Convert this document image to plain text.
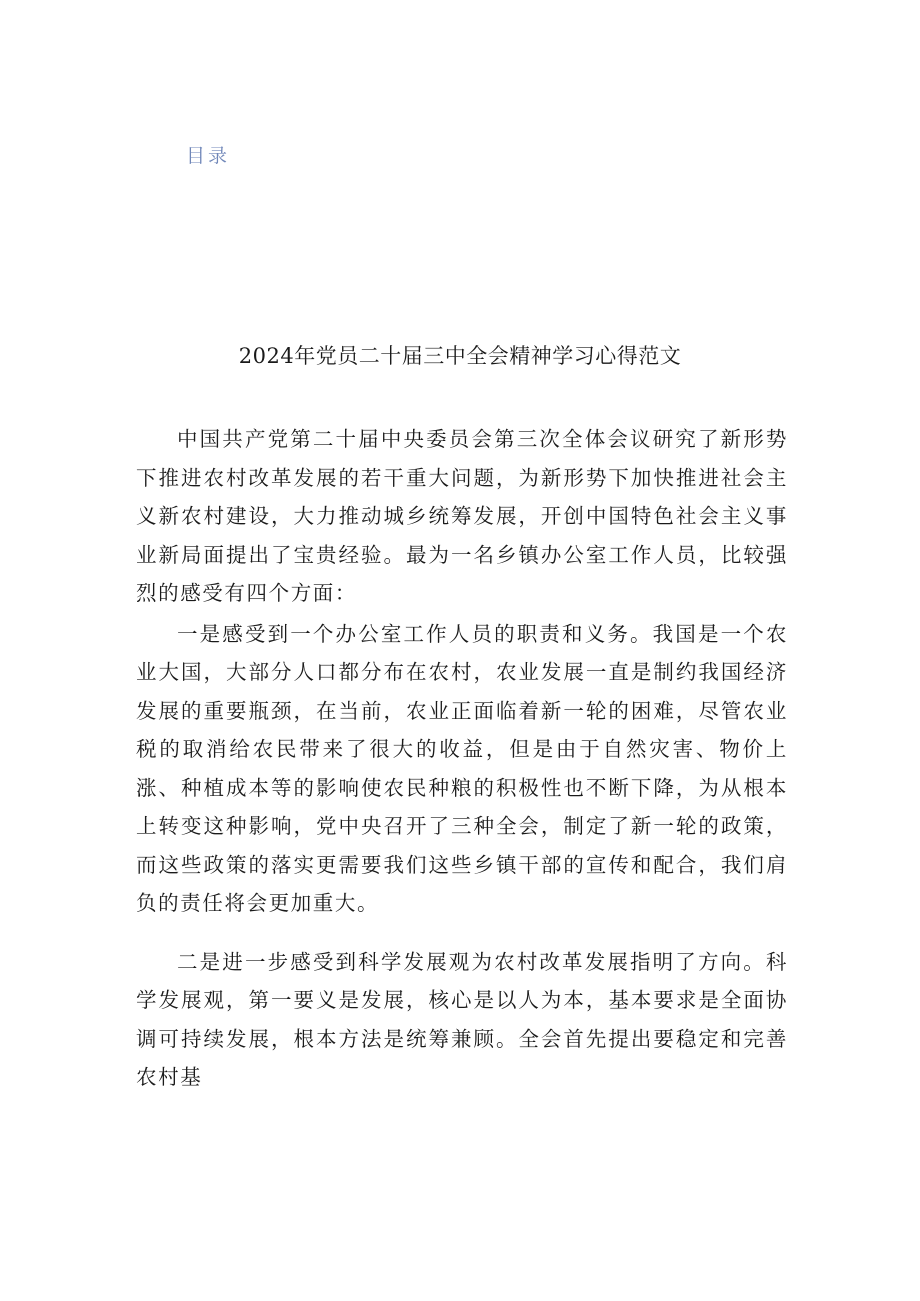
目录
2024年党员二十届三中全会精神学习心得范文

中国共产党第二十届中央委员会第三次全体会议研究了新形势下推进农村改革发展的若干重大问题，为新形势下加快推进社会主义新农村建设，大力推动城乡统筹发展，开创中国特色社会主义事业新局面提出了宝贵经验。最为一名乡镇办公室工作人员，比较强烈的感受有四个方面：

一是感受到一个办公室工作人员的职责和义务。我国是一个农业大国，大部分人口都分布在农村，农业发展一直是制约我国经济发展的重要瓶颈，在当前，农业正面临着新一轮的困难，尽管农业税的取消给农民带来了很大的收益，但是由于自然灾害、物价上涨、种植成本等的影响使农民种粮的积极性也不断下降，为从根本上转变这种影响，党中央召开了三种全会，制定了新一轮的政策，而这些政策的落实更需要我们这些乡镇干部的宣传和配合，我们肩负的责任将会更加重大。

二是进一步感受到科学发展观为农村改革发展指明了方向。科学发展观，第一要义是发展，核心是以人为本，基本要求是全面协调可持续发展，根本方法是统筹兼顾。全会首先提出要稳定和完善农村基
